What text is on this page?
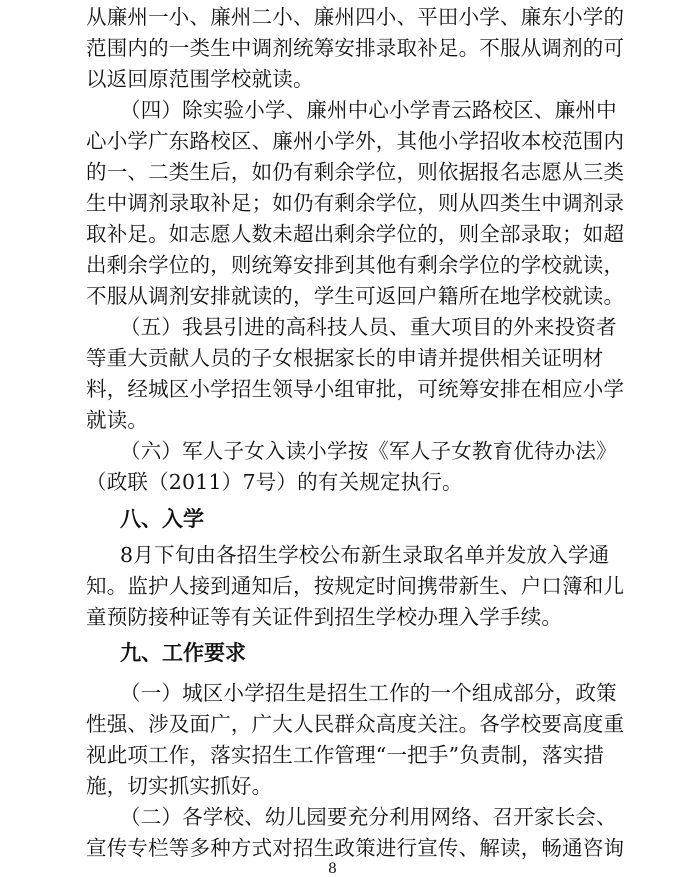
从廉州一小、廉州二小、廉州四小、平田小学、廉东小学的
范围内的一类生中调剂统筹安排录取补足。不服从调剂的可
以返回原范围学校就读。
（四）除实验小学、廉州中心小学青云路校区、廉州中
心小学广东路校区、廉州小学外，其他小学招收本校范围内
的一、二类生后，如仍有剩余学位，则依据报名志愿从三类
生中调剂录取补足；如仍有剩余学位，则从四类生中调剂录
取补足。如志愿人数未超出剩余学位的，则全部录取；如超
出剩余学位的，则统筹安排到其他有剩余学位的学校就读，
不服从调剂安排就读的，学生可返回户籍所在地学校就读。
（五）我县引进的高科技人员、重大项目的外来投资者
等重大贡献人员的子女根据家长的申请并提供相关证明材
料，经城区小学招生领导小组审批，可统筹安排在相应小学
就读。
（六）军人子女入读小学按《军人子女教育优待办法》
（政联（2011）7号）的有关规定执行。
八、入学
8月下旬由各招生学校公布新生录取名单并发放入学通
知。监护人接到通知后，按规定时间携带新生、户口簿和儿
童预防接种证等有关证件到招生学校办理入学手续。
九、工作要求
（一）城区小学招生是招生工作的一个组成部分，政策
性强、涉及面广，广大人民群众高度关注。各学校要高度重
视此项工作，落实招生工作管理“一把手”负责制，落实措
施，切实抓实抓好。
（二）各学校、幼儿园要充分利用网络、召开家长会、
宣传专栏等多种方式对招生政策进行宣传、解读，畅通咨询
8
